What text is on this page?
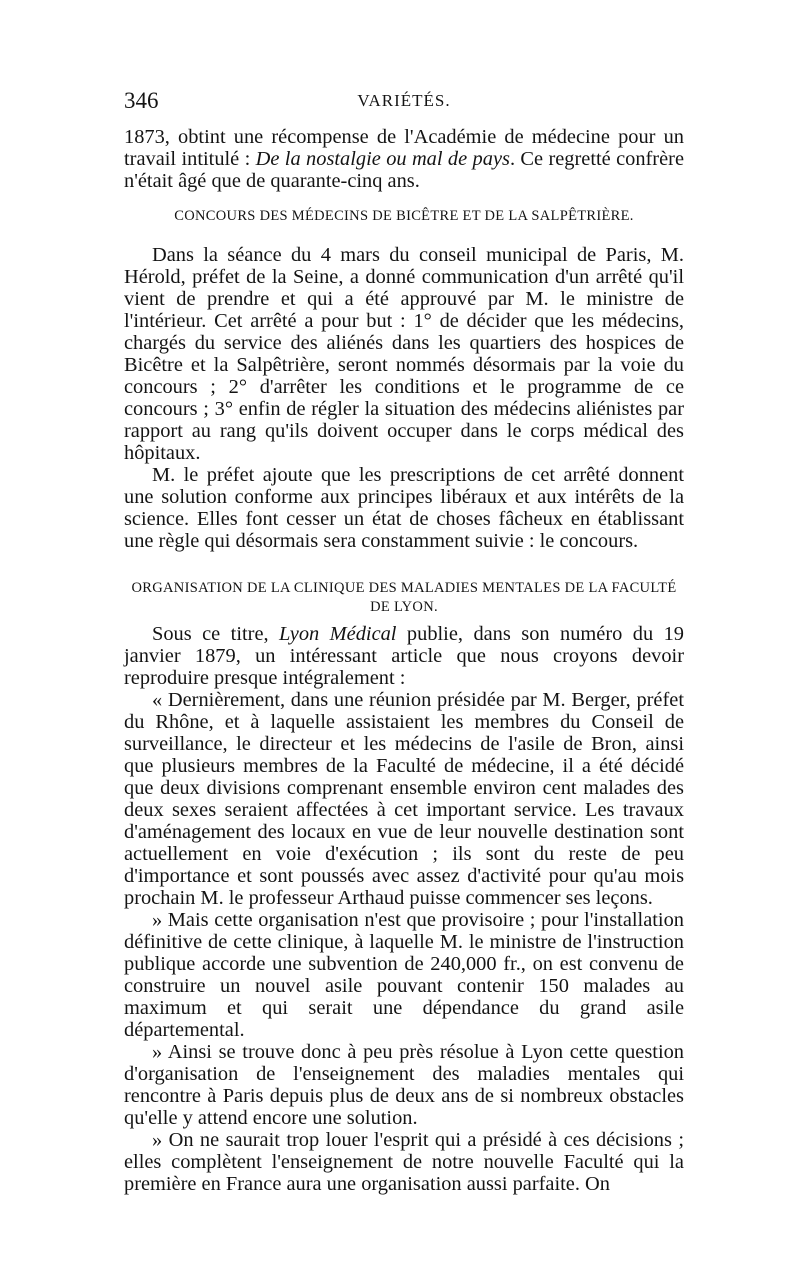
346	VARIÉTÉS.

1873, obtint une récompense de l'Académie de médecine pour un travail intitulé : De la nostalgie ou mal de pays. Ce regretté confrère n'était âgé que de quarante-cinq ans.

CONCOURS DES MÉDECINS DE BICÊTRE ET DE LA SALPÊTRIÈRE.

Dans la séance du 4 mars du conseil municipal de Paris, M. Hérold, préfet de la Seine, a donné communication d'un arrêté qu'il vient de prendre et qui a été approuvé par M. le ministre de l'intérieur. Cet arrêté a pour but : 1° de décider que les médecins, chargés du service des aliénés dans les quartiers des hospices de Bicêtre et la Salpêtrière, seront nommés désormais par la voie du concours ; 2° d'arrêter les conditions et le programme de ce concours ; 3° enfin de régler la situation des médecins aliénistes par rapport au rang qu'ils doivent occuper dans le corps médical des hôpitaux.

M. le préfet ajoute que les prescriptions de cet arrêté donnent une solution conforme aux principes libéraux et aux intérêts de la science. Elles font cesser un état de choses fâcheux en établissant une règle qui désormais sera constamment suivie : le concours.

ORGANISATION DE LA CLINIQUE DES MALADIES MENTALES DE LA FACULTÉ
DE LYON.

Sous ce titre, Lyon Médical publie, dans son numéro du 19 janvier 1879, un intéressant article que nous croyons devoir reproduire presque intégralement :

« Dernièrement, dans une réunion présidée par M. Berger, préfet du Rhône, et à laquelle assistaient les membres du Conseil de surveillance, le directeur et les médecins de l'asile de Bron, ainsi que plusieurs membres de la Faculté de médecine, il a été décidé que deux divisions comprenant ensemble environ cent malades des deux sexes seraient affectées à cet important service. Les travaux d'aménagement des locaux en vue de leur nouvelle destination sont actuellement en voie d'exécution ; ils sont du reste de peu d'importance et sont poussés avec assez d'activité pour qu'au mois prochain M. le professeur Arthaud puisse commencer ses leçons.

» Mais cette organisation n'est que provisoire ; pour l'installation définitive de cette clinique, à laquelle M. le ministre de l'instruction publique accorde une subvention de 240,000 fr., on est convenu de construire un nouvel asile pouvant contenir 150 malades au maximum et qui serait une dépendance du grand asile départemental.

» Ainsi se trouve donc à peu près résolue à Lyon cette question d'organisation de l'enseignement des maladies mentales qui rencontre à Paris depuis plus de deux ans de si nombreux obstacles qu'elle y attend encore une solution.

» On ne saurait trop louer l'esprit qui a présidé à ces décisions ; elles complètent l'enseignement de notre nouvelle Faculté qui la première en France aura une organisation aussi parfaite. On
